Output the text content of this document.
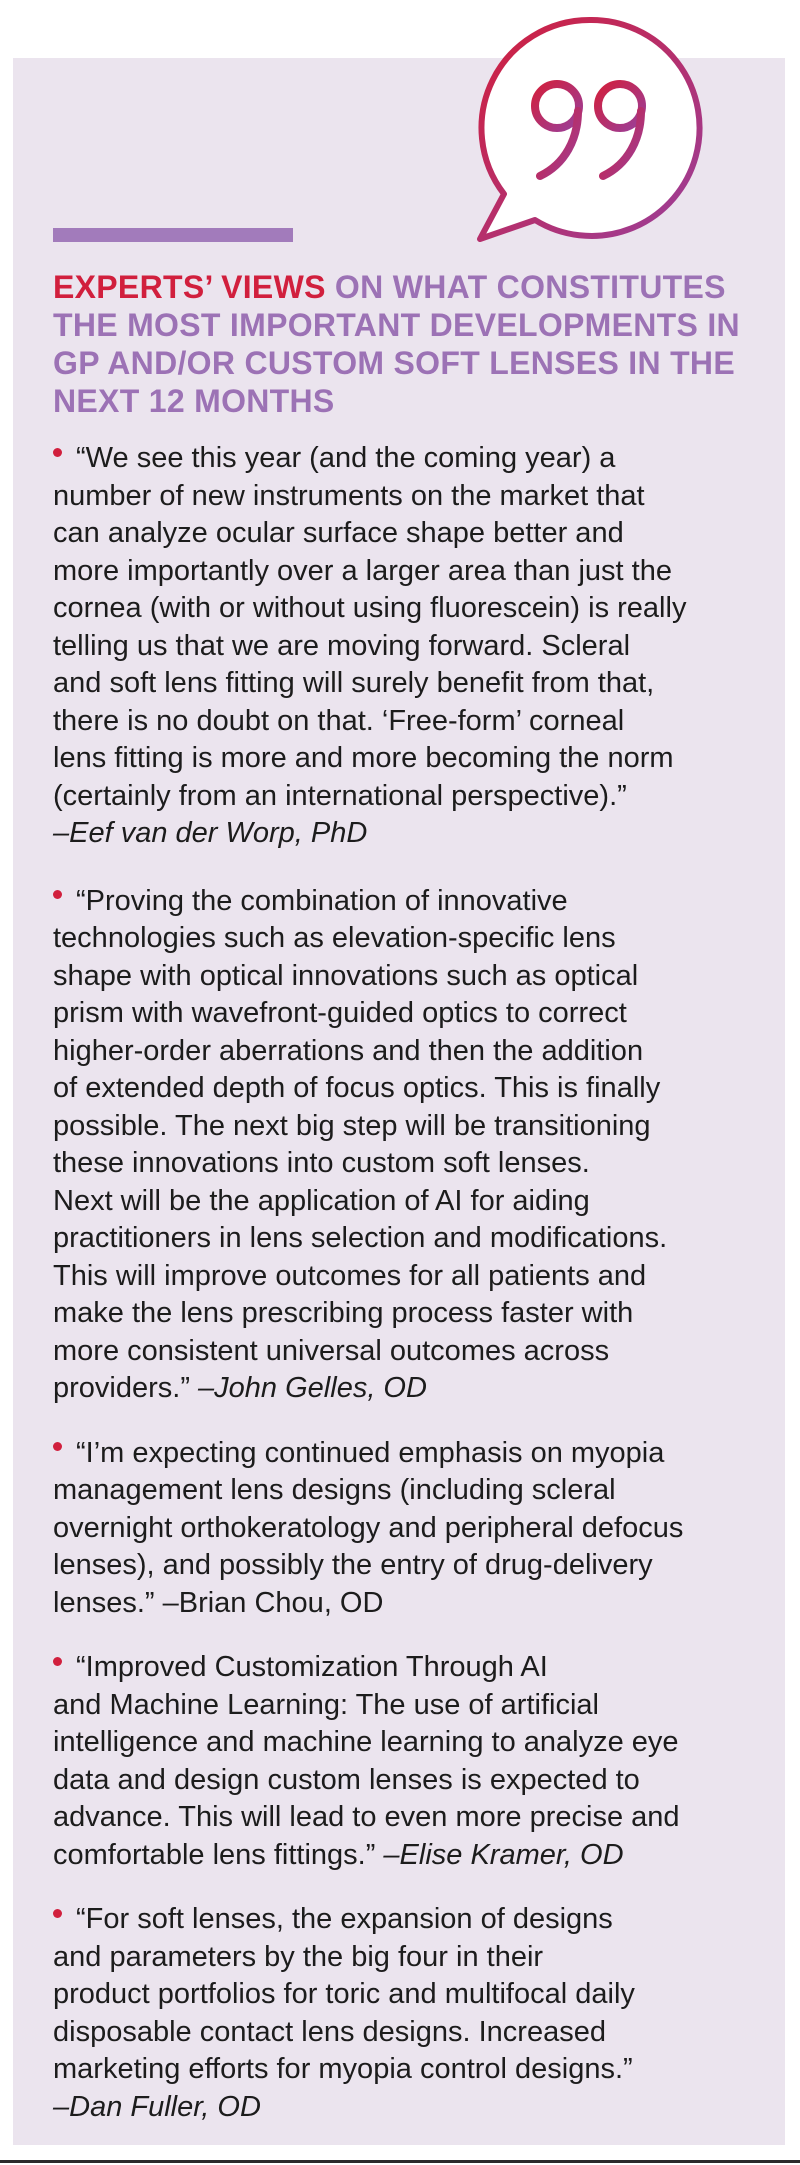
EXPERTS’ VIEWS ON WHAT CONSTITUTES THE MOST IMPORTANT DEVELOPMENTS IN GP AND/OR CUSTOM SOFT LENSES IN THE NEXT 12 MONTHS
“We see this year (and the coming year) a
number of new instruments on the market that
can analyze ocular surface shape better and
more importantly over a larger area than just the
cornea (with or without using fluorescein) is really
telling us that we are moving forward. Scleral
and soft lens fitting will surely benefit from that,
there is no doubt on that. ‘Free-form’ corneal
lens fitting is more and more becoming the norm
(certainly from an international perspective).”
–Eef van der Worp, PhD
“Proving the combination of innovative
technologies such as elevation-specific lens
shape with optical innovations such as optical
prism with wavefront-guided optics to correct
higher-order aberrations and then the addition
of extended depth of focus optics. This is finally
possible. The next big step will be transitioning
these innovations into custom soft lenses.
Next will be the application of AI for aiding
practitioners in lens selection and modifications.
This will improve outcomes for all patients and
make the lens prescribing process faster with
more consistent universal outcomes across
providers.” –John Gelles, OD
“I’m expecting continued emphasis on myopia
management lens designs (including scleral
overnight orthokeratology and peripheral defocus
lenses), and possibly the entry of drug-delivery
lenses.” –Brian Chou, OD
“Improved Customization Through AI
and Machine Learning: The use of artificial
intelligence and machine learning to analyze eye
data and design custom lenses is expected to
advance. This will lead to even more precise and
comfortable lens fittings.” –Elise Kramer, OD
“For soft lenses, the expansion of designs
and parameters by the big four in their
product portfolios for toric and multifocal daily
disposable contact lens designs. Increased
marketing efforts for myopia control designs.”
–Dan Fuller, OD
